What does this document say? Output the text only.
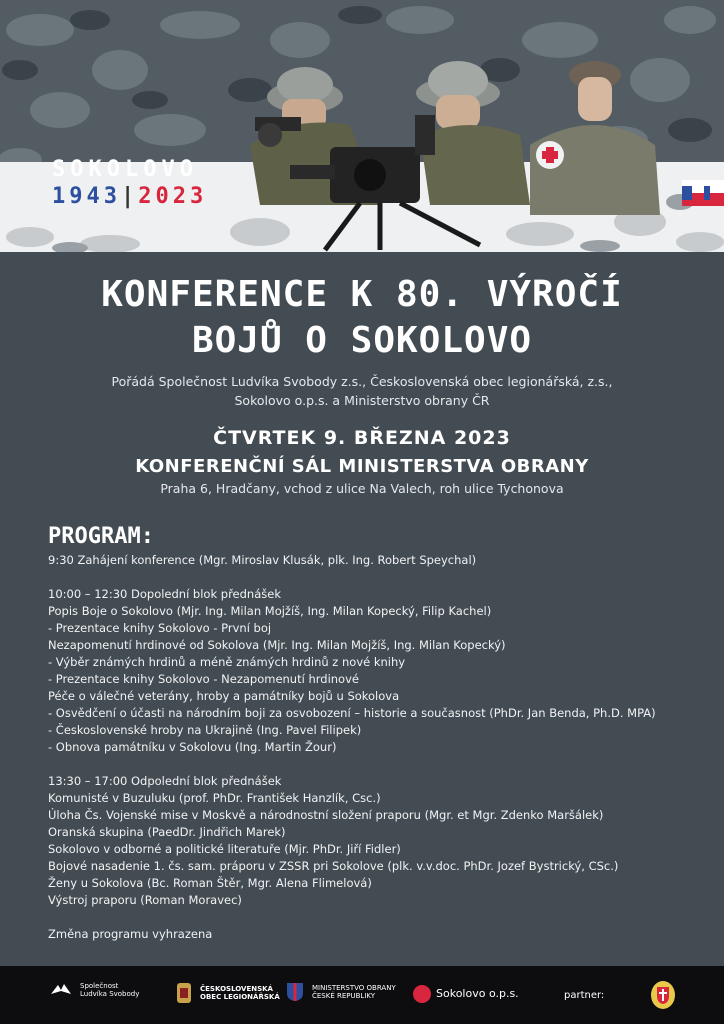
SOKOLOVO
1943|2023
KONFERENCE K 80. VÝROČÍ
BOJŮ O SOKOLOVO
Pořádá Společnost Ludvíka Svobody z.s., Československá obec legionářská, z.s.,
Sokolovo o.p.s. a Ministerstvo obrany ČR
ČTVRTEK 9. BŘEZNA 2023
KONFERENČNÍ SÁL MINISTERSTVA OBRANY
Praha 6, Hradčany, vchod z ulice Na Valech, roh ulice Tychonova
PROGRAM:
9:30 Zahájení konference (Mgr. Miroslav Klusák, plk. Ing. Robert Speychal)
10:00 – 12:30 Dopolední blok přednášek
Popis Boje o Sokolovo (Mjr. Ing. Milan Mojžíš, Ing. Milan Kopecký, Filip Kachel)
- Prezentace knihy Sokolovo - První boj
Nezapomenutí hrdinové od Sokolova (Mjr. Ing. Milan Mojžíš, Ing. Milan Kopecký)
- Výběr známých hrdinů a méně známých hrdinů z nové knihy
- Prezentace knihy Sokolovo - Nezapomenutí hrdinové
Péče o válečné veterány, hroby a památníky bojů u Sokolova
- Osvědčení o účasti na národním boji za osvobození – historie a současnost (PhDr. Jan Benda, Ph.D. MPA)
- Československé hroby na Ukrajině (Ing. Pavel Filipek)
- Obnova památníku v Sokolovu (Ing. Martin Žour)
13:30 – 17:00 Odpolední blok přednášek
Komunisté v Buzuluku (prof. PhDr. František Hanzlík, Csc.)
Úloha Čs. Vojenské mise v Moskvě a národnostní složení praporu (Mgr. et Mgr. Zdenko Maršálek)
Oranská skupina (PaedDr. Jindřich Marek)
Sokolovo v odborné a politické literatuře (Mjr. PhDr. Jiří Fidler)
Bojové nasadenie 1. čs. sam. práporu v ZSSR pri Sokolove (plk. v.v.doc. PhDr. Jozef Bystrický, CSc.)
Ženy u Sokolova (Bc. Roman Štěr, Mgr. Alena Flimelová)
Výstroj praporu (Roman Moravec)
Změna programu vyhrazena
Společnost
Ludvíka Svobody
ČESKOSLOVENSKÁ
OBEC LEGIONÁŘSKÁ
MINISTERSTVO OBRANY
ČESKÉ REPUBLIKY	Sokolovo o.p.s.	partner:
